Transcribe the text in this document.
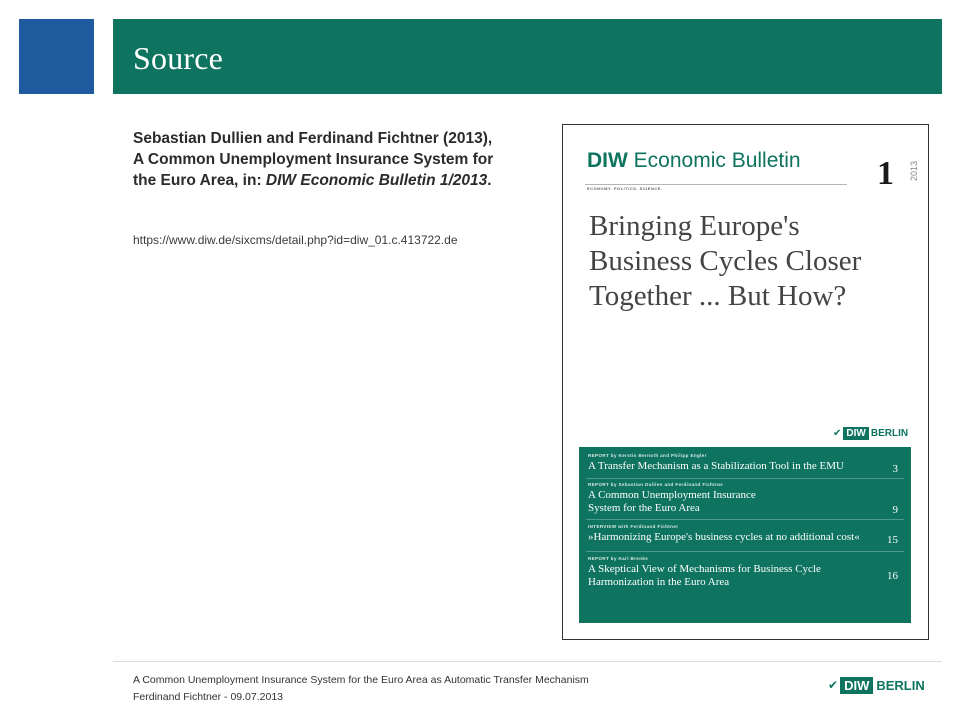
Source
Sebastian Dullien and Ferdinand Fichtner (2013),
A Common Unemployment Insurance System for
the Euro Area, in: DIW Economic Bulletin 1/2013.
https://www.diw.de/sixcms/detail.php?id=diw_01.c.413722.de
DIW Economic Bulletin
ECONOMY. POLITICS. SCIENCE.	1 2013
Bringing Europe's
Business Cycles Closer
Together ... But How?
✔ DIW BERLIN
REPORT by Kerstin Bernoth and Philipp Engler
A Transfer Mechanism as a Stabilization Tool in the EMU	3
REPORT by Sebastian Dullien and Ferdinand Fichtner
A Common Unemployment Insurance System for the Euro Area	9
INTERVIEW with Ferdinand Fichtner
»Harmonizing Europe's business cycles at no additional cost«	15
REPORT by Karl Brenke
A Skeptical View of Mechanisms for Business Cycle Harmonization in the Euro Area	16
A Common Unemployment Insurance System for the Euro Area as Automatic Transfer Mechanism
Ferdinand Fichtner - 09.07.2013
✔ DIW BERLIN
